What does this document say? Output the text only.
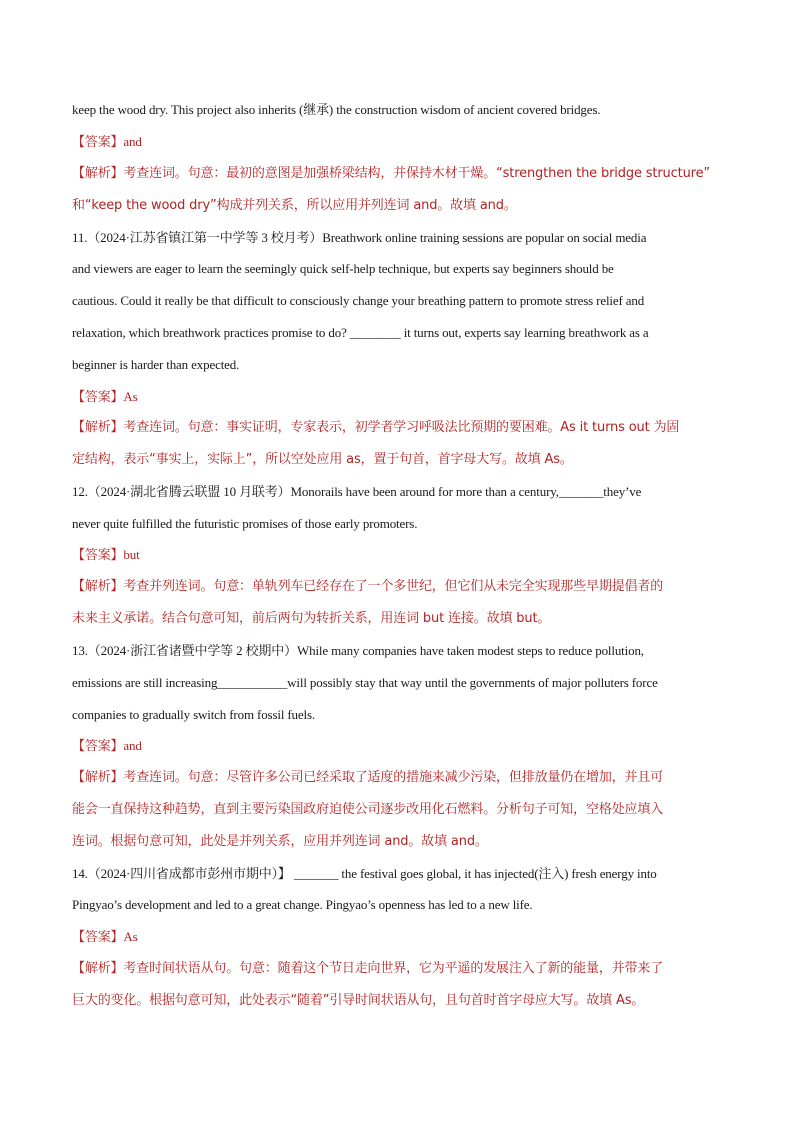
keep the wood dry. This project also inherits (继承) the construction wisdom of ancient covered bridges.
【答案】and
【解析】考查连词。句意：最初的意图是加强桥梁结构，并保持木材干燥。“strengthen the bridge structure”
和“keep the wood dry”构成并列关系，所以应用并列连词 and。故填 and。
11.（2024·江苏省镇江第一中学等 3 校月考）Breathwork online training sessions are popular on social media
and viewers are eager to learn the seemingly quick self-help technique, but experts say beginners should be
cautious. Could it really be that difficult to consciously change your breathing pattern to promote stress relief and
relaxation, which breathwork practices promise to do? ________ it turns out, experts say learning breathwork as a
beginner is harder than expected.
【答案】As
【解析】考查连词。句意：事实证明，专家表示，初学者学习呼吸法比预期的要困难。As it turns out 为固
定结构，表示“事实上，实际上”，所以空处应用 as，置于句首，首字母大写。故填 As。
12.（2024·湖北省腾云联盟 10 月联考）Monorails have been around for more than a century,_______they’ve
never quite fulfilled the futuristic promises of those early promoters.
【答案】but
【解析】考查并列连词。句意：单轨列车已经存在了一个多世纪，但它们从未完全实现那些早期提倡者的
未来主义承诺。结合句意可知，前后两句为转折关系，用连词 but 连接。故填 but。
13.（2024·浙江省诸暨中学等 2 校期中）While many companies have taken modest steps to reduce pollution,
emissions are still increasing___________will possibly stay that way until the governments of major polluters force
companies to gradually switch from fossil fuels.
【答案】and
【解析】考查连词。句意：尽管许多公司已经采取了适度的措施来减少污染，但排放量仍在增加，并且可
能会一直保持这种趋势，直到主要污染国政府迫使公司逐步改用化石燃料。分析句子可知，空格处应填入
连词。根据句意可知，此处是并列关系，应用并列连词 and。故填 and。
14.（2024·四川省成都市彭州市期中）】 _______ the festival goes global, it has injected(注入) fresh energy into
Pingyao’s development and led to a great change. Pingyao’s openness has led to a new life.
【答案】As
【解析】考查时间状语从句。句意：随着这个节日走向世界，它为平遥的发展注入了新的能量，并带来了
巨大的变化。根据句意可知，此处表示“随着”引导时间状语从句，且句首时首字母应大写。故填 As。
